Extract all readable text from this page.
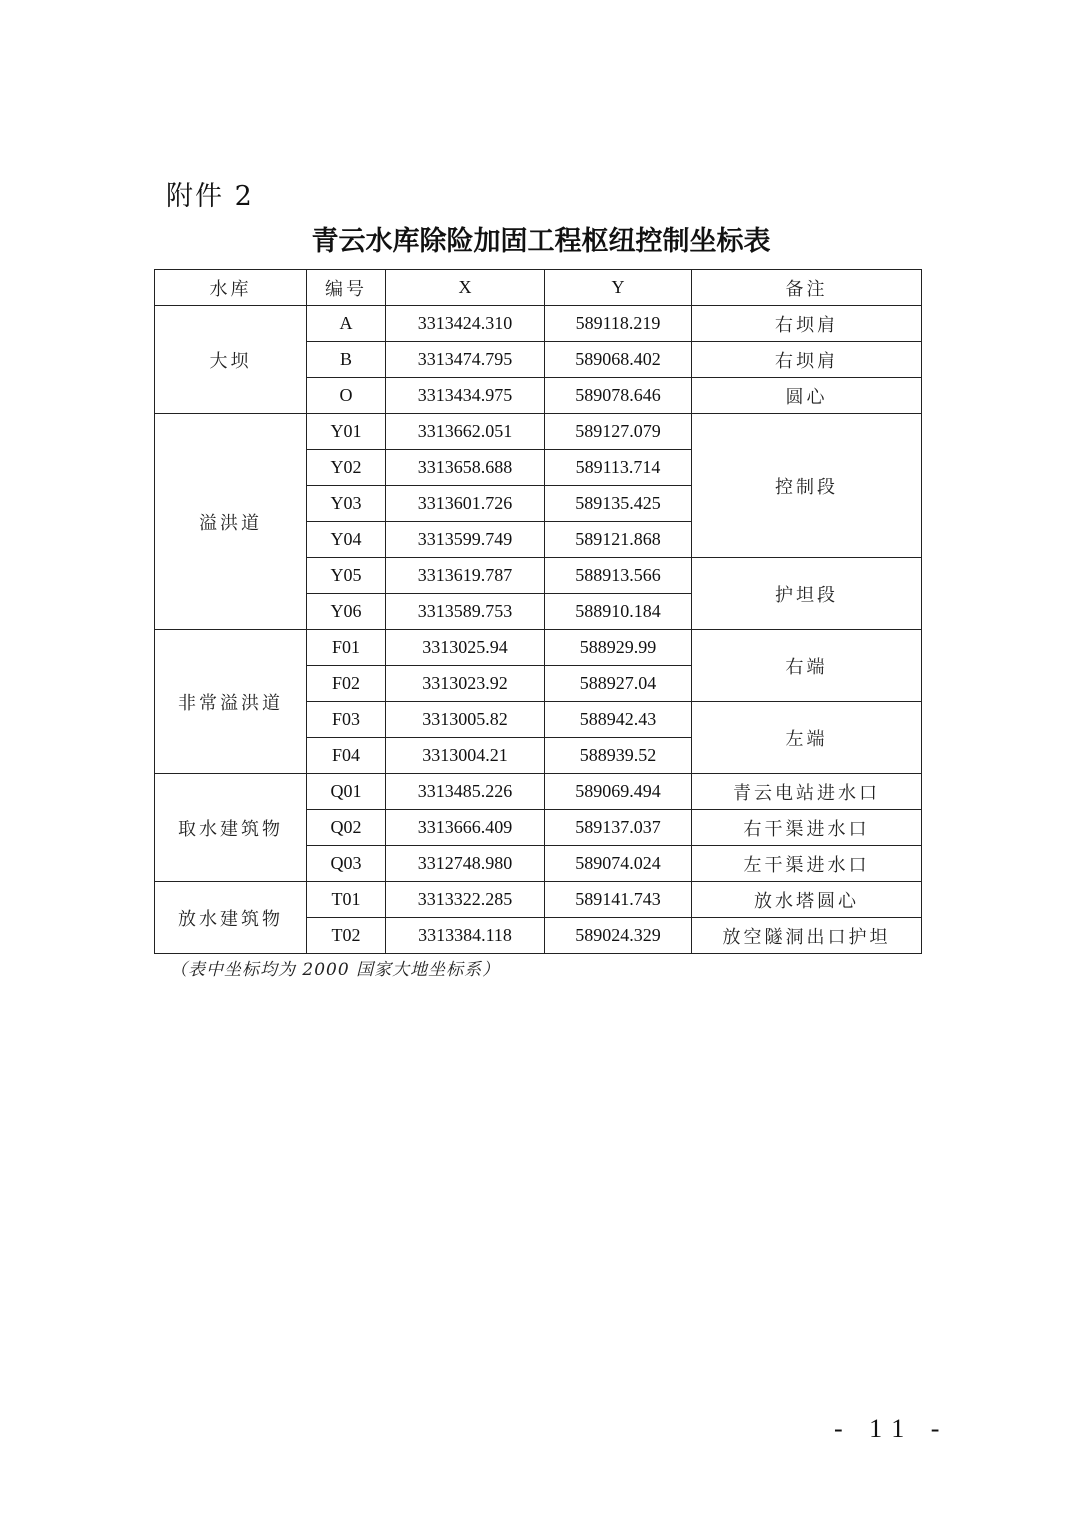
附件 2
青云水库除险加固工程枢纽控制坐标表
水库	编号	X	Y	备注
大坝	A	3313424.310	589118.219	右坝肩
	B	3313474.795	589068.402	右坝肩
	O	3313434.975	589078.646	圆心
溢洪道	Y01	3313662.051	589127.079	控制段
	Y02	3313658.688	589113.714	
	Y03	3313601.726	589135.425	
	Y04	3313599.749	589121.868	
	Y05	3313619.787	588913.566	护坦段
	Y06	3313589.753	588910.184	
非常溢洪道	F01	3313025.94	588929.99	右端
	F02	3313023.92	588927.04	
	F03	3313005.82	588942.43	左端
	F04	3313004.21	588939.52	
取水建筑物	Q01	3313485.226	589069.494	青云电站进水口
	Q02	3313666.409	589137.037	右干渠进水口
	Q03	3312748.980	589074.024	左干渠进水口
放水建筑物	T01	3313322.285	589141.743	放水塔圆心
	T02	3313384.118	589024.329	放空隧洞出口护坦
（表中坐标均为 2000 国家大地坐标系）
- 11 -
